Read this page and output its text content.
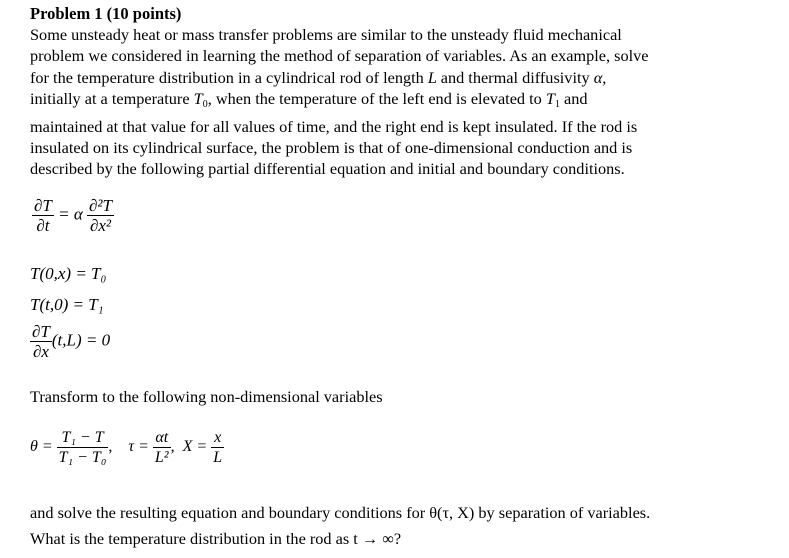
Problem 1 (10 points)
Some unsteady heat or mass transfer problems are similar to the unsteady fluid mechanical
problem we considered in learning the method of separation of variables. As an example, solve
for the temperature distribution in a cylindrical rod of length L and thermal diffusivity α,
initially at a temperature $T_0$, when the temperature of the left end is elevated to $T_1$ and
maintained at that value for all values of time, and the right end is kept insulated. If the rod is
insulated on its cylindrical surface, the problem is that of one-dimensional conduction and is
described by the following partial differential equation and initial and boundary conditions.
$\frac{\partial T}{\partial t} = \alpha \frac{\text{∂²T}}{\text{∂x²}}$
T(0,x) = T₀
T(t,0) = T₁
$\frac{\partial T}{\partial x} (t,L) = 0$
Transform to the following non-dimensional variables
$\theta = \frac{\text{T₁ − T}}{\text{T₁ − T₀}}$ ,    $\tau = \frac{\alpha t}{\text{L²}}$ ,  $X = \frac{x}{L}$
and solve the resulting equation and boundary conditions for θ(τ, X) by separation of variables.
What is the temperature distribution in the rod as t → ∞?
